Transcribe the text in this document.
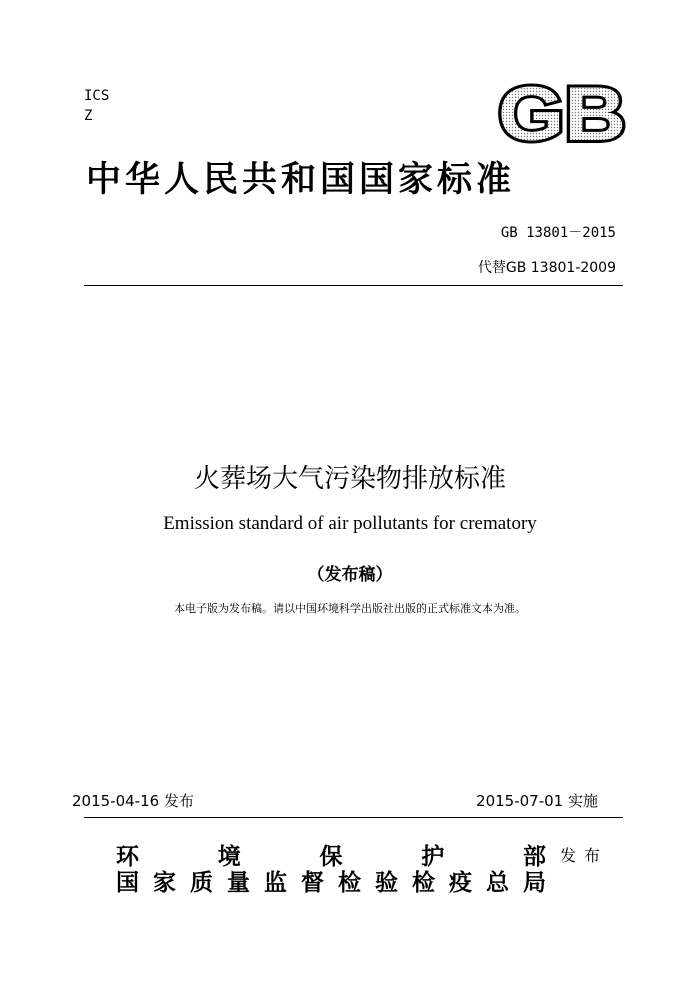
ICS
Z	GB
中华人民共和国国家标准
GB 13801－2015
代替GB 13801-2009
火葬场大气污染物排放标准
Emission standard of air pollutants for crematory
（发布稿）
本电子版为发布稿。请以中国环境科学出版社出版的正式标准文本为准。
2015-04-16 发布	2015-07-01 实施
环	境	保	护	部 发布
国 家 质 量 监 督 检 验 检 疫 总 局
